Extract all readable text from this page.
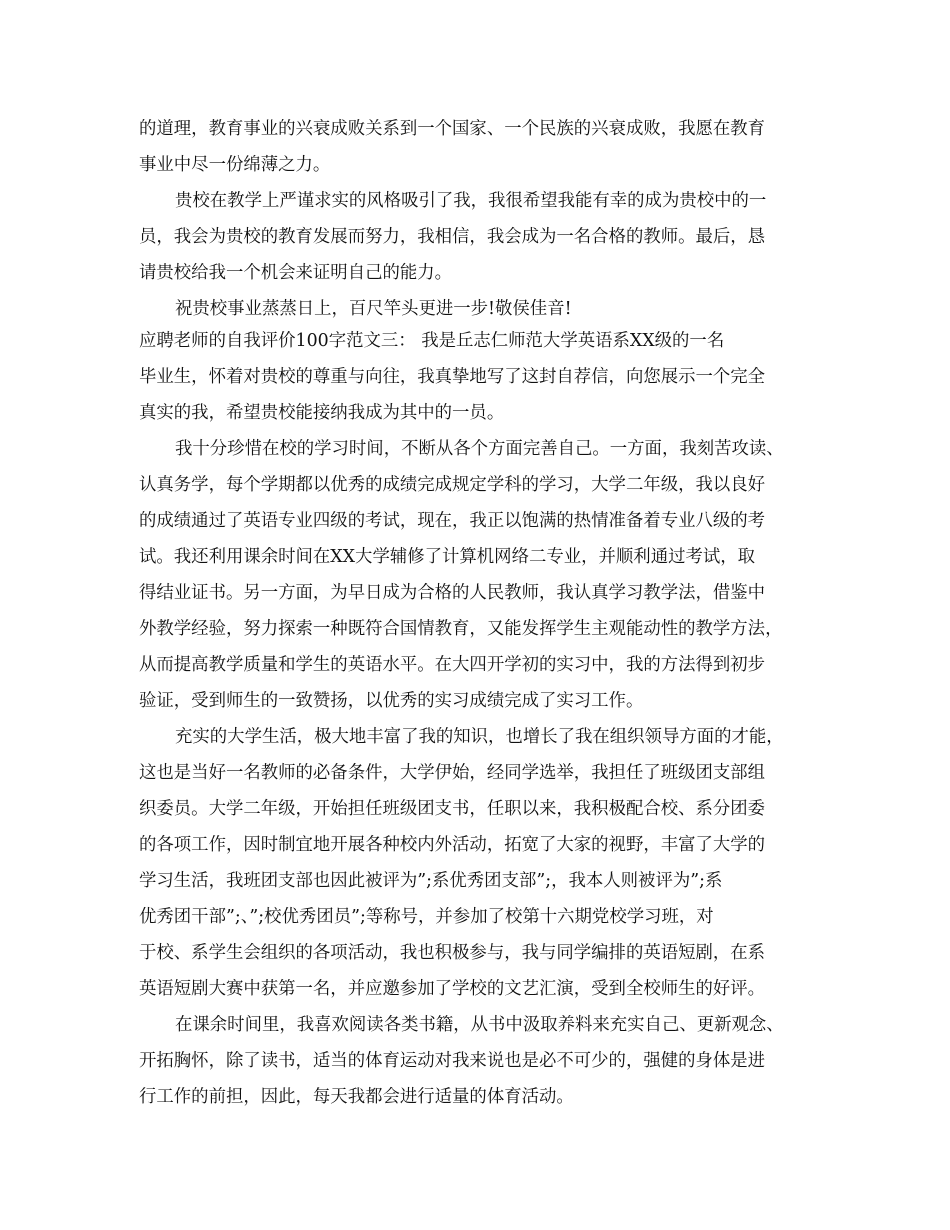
的道理，教育事业的兴衰成败关系到一个国家、一个民族的兴衰成败，我愿在教育

事业中尽一份绵薄之力。

贵校在教学上严谨求实的风格吸引了我，我很希望我能有幸的成为贵校中的一

员，我会为贵校的教育发展而努力，我相信，我会成为一名合格的教师。最后，恳

请贵校给我一个机会来证明自己的能力。

祝贵校事业蒸蒸日上，百尺竿头更进一步!敬侯佳音!

应聘老师的自我评价100字范文三： 我是丘志仁师范大学英语系XX级的一名

毕业生，怀着对贵校的尊重与向往，我真挚地写了这封自荐信，向您展示一个完全

真实的我，希望贵校能接纳我成为其中的一员。

我十分珍惜在校的学习时间，不断从各个方面完善自己。一方面，我刻苦攻读、

认真务学，每个学期都以优秀的成绩完成规定学科的学习，大学二年级，我以良好

的成绩通过了英语专业四级的考试，现在，我正以饱满的热情准备着专业八级的考

试。我还利用课余时间在XX大学辅修了计算机网络二专业，并顺利通过考试，取

得结业证书。另一方面，为早日成为合格的人民教师，我认真学习教学法，借鉴中

外教学经验，努力探索一种既符合国情教育，又能发挥学生主观能动性的教学方法，

从而提高教学质量和学生的英语水平。在大四开学初的实习中，我的方法得到初步

验证，受到师生的一致赞扬，以优秀的实习成绩完成了实习工作。

充实的大学生活，极大地丰富了我的知识，也增长了我在组织领导方面的才能，

这也是当好一名教师的必备条件，大学伊始，经同学选举，我担任了班级团支部组

织委员。大学二年级，开始担任班级团支书，任职以来，我积极配合校、系分团委

的各项工作，因时制宜地开展各种校内外活动，拓宽了大家的视野，丰富了大学的

学习生活，我班团支部也因此被评为”;系优秀团支部”;，我本人则被评为”;系

优秀团干部”;、”;校优秀团员”;等称号，并参加了校第十六期党校学习班，对

于校、系学生会组织的各项活动，我也积极参与，我与同学编排的英语短剧，在系

英语短剧大赛中获第一名，并应邀参加了学校的文艺汇演，受到全校师生的好评。

在课余时间里，我喜欢阅读各类书籍，从书中汲取养料来充实自己、更新观念、

开拓胸怀，除了读书，适当的体育运动对我来说也是必不可少的，强健的身体是进

行工作的前担，因此，每天我都会进行适量的体育活动。
